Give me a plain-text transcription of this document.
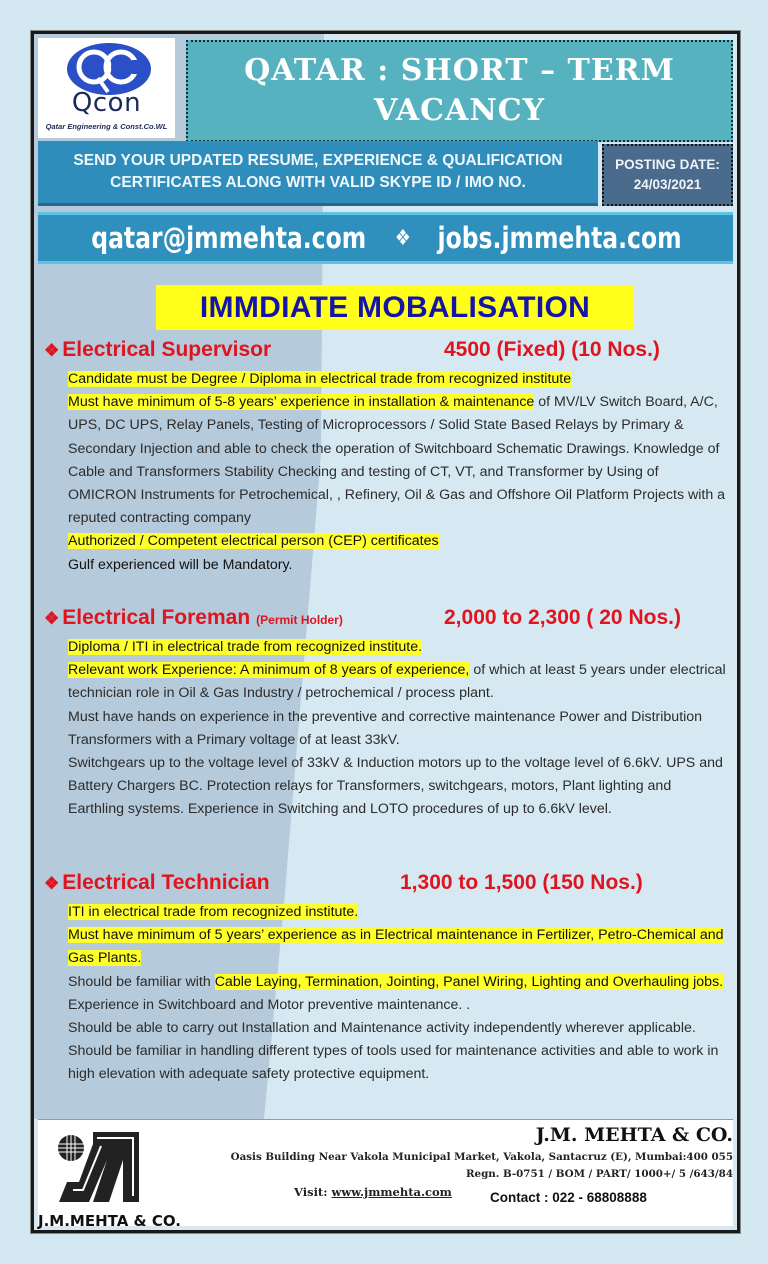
Qcon
Qatar Engineering & Const.Co.WL
QATAR : SHORT – TERM
VACANCY
SEND YOUR UPDATED RESUME, EXPERIENCE & QUALIFICATION
CERTIFICATES ALONG WITH VALID SKYPE ID / IMO NO.
POSTING DATE:
24/03/2021
qatar@jmmehta.com ❖ jobs.jmmehta.com
IMMDIATE MOBALISATION
❖ Electrical Supervisor	4500 (Fixed) (10 Nos.)

Candidate must be Degree / Diploma in electrical trade from recognized institute

Must have minimum of 5-8 years’ experience in installation & maintenance of MV/LV Switch Board, A/C, UPS, DC UPS, Relay Panels, Testing of Microprocessors / Solid State Based Relays by Primary & Secondary Injection and able to check the operation of Switchboard Schematic Drawings. Knowledge of Cable and Transformers Stability Checking and testing of CT, VT, and Transformer by Using of OMICRON Instruments for Petrochemical, , Refinery, Oil & Gas and Offshore Oil Platform Projects with a reputed contracting company

Authorized / Competent electrical person (CEP) certificates

Gulf experienced will be Mandatory.

❖ Electrical Foreman (Permit Holder)	2,000 to 2,300 ( 20 Nos.)

Diploma / ITI in electrical trade from recognized institute.

Relevant work Experience: A minimum of 8 years of experience, of which at least 5 years under electrical technician role in Oil & Gas Industry / petrochemical / process plant.

Must have hands on experience in the preventive and corrective maintenance Power and Distribution Transformers with a Primary voltage of at least 33kV.

Switchgears up to the voltage level of 33kV & Induction motors up to the voltage level of 6.6kV. UPS and Battery Chargers BC. Protection relays for Transformers, switchgears, motors, Plant lighting and Earthling systems. Experience in Switching and LOTO procedures of up to 6.6kV level.

❖ Electrical Technician	1,300 to 1,500 (150 Nos.)

ITI in electrical trade from recognized institute.

Must have minimum of 5 years’ experience as in Electrical maintenance in Fertilizer, Petro-Chemical and Gas Plants.

Should be familiar with Cable Laying, Termination, Jointing, Panel Wiring, Lighting and Overhauling jobs. Experience in Switchboard and Motor preventive maintenance. .

Should be able to carry out Installation and Maintenance activity independently wherever applicable. Should be familiar in handling different types of tools used for maintenance activities and able to work in high elevation with adequate safety protective equipment.

J.M.MEHTA & CO.
J.M. MEHTA & CO.
Oasis Building Near Vakola Municipal Market, Vakola, Santacruz (E), Mumbai:400 055
Regn. B-0751 / BOM / PART/ 1000+/ 5 /643/84
Visit: www.jmmehta.com	Contact : 022 - 68808888
